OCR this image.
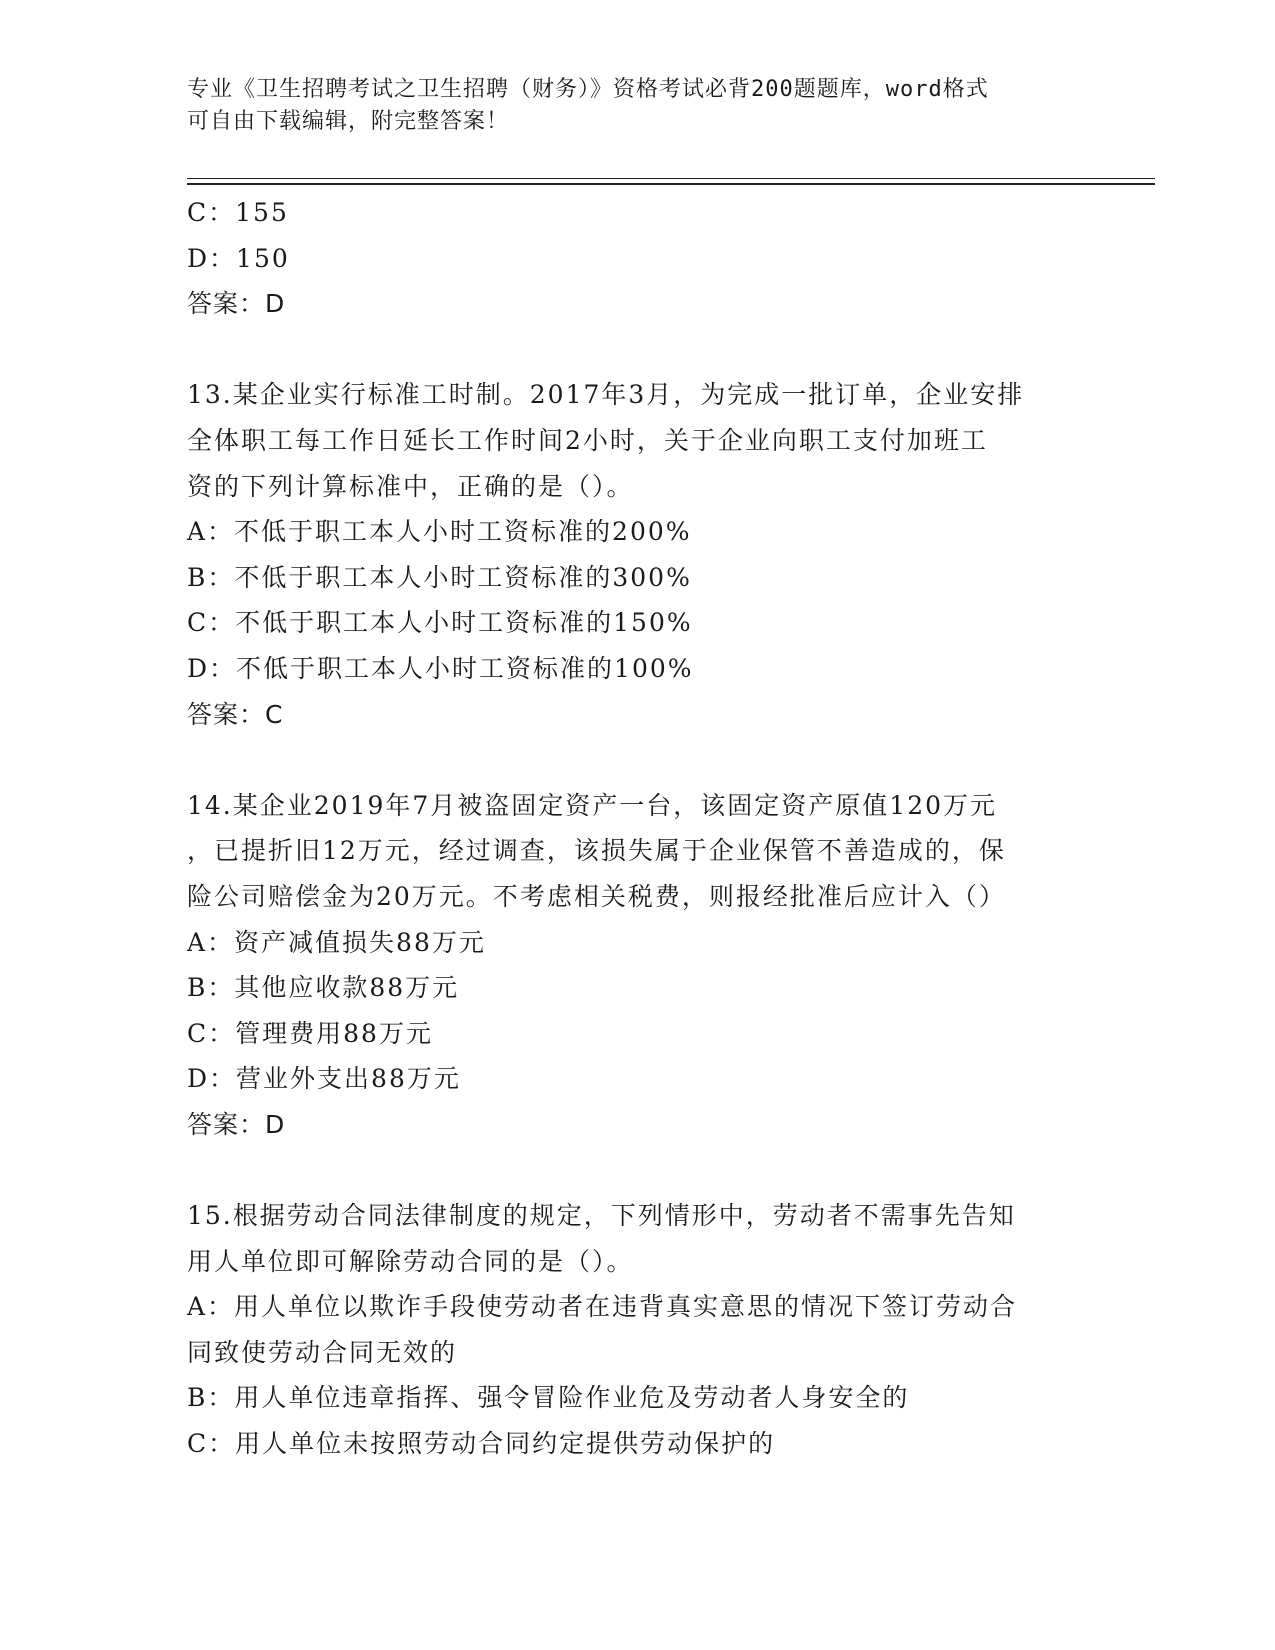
专业《卫生招聘考试之卫生招聘（财务）》资格考试必背200题题库，word格式
可自由下载编辑，附完整答案！
C：155
D：150
答案：D
13.某企业实行标准工时制。2017年3月，为完成一批订单，企业安排
全体职工每工作日延长工作时间2小时，关于企业向职工支付加班工
资的下列计算标准中，正确的是（）。
A：不低于职工本人小时工资标准的200%
B：不低于职工本人小时工资标准的300%
C：不低于职工本人小时工资标准的150%
D：不低于职工本人小时工资标准的100%
答案：C
14.某企业2019年7月被盗固定资产一台，该固定资产原值120万元
，已提折旧12万元，经过调查，该损失属于企业保管不善造成的，保
险公司赔偿金为20万元。不考虑相关税费，则报经批准后应计入（）
A：资产减值损失88万元
B：其他应收款88万元
C：管理费用88万元
D：营业外支出88万元
答案：D
15.根据劳动合同法律制度的规定，下列情形中，劳动者不需事先告知
用人单位即可解除劳动合同的是（）。
A：用人单位以欺诈手段使劳动者在违背真实意思的情况下签订劳动合
同致使劳动合同无效的
B：用人单位违章指挥、强令冒险作业危及劳动者人身安全的
C：用人单位未按照劳动合同约定提供劳动保护的
